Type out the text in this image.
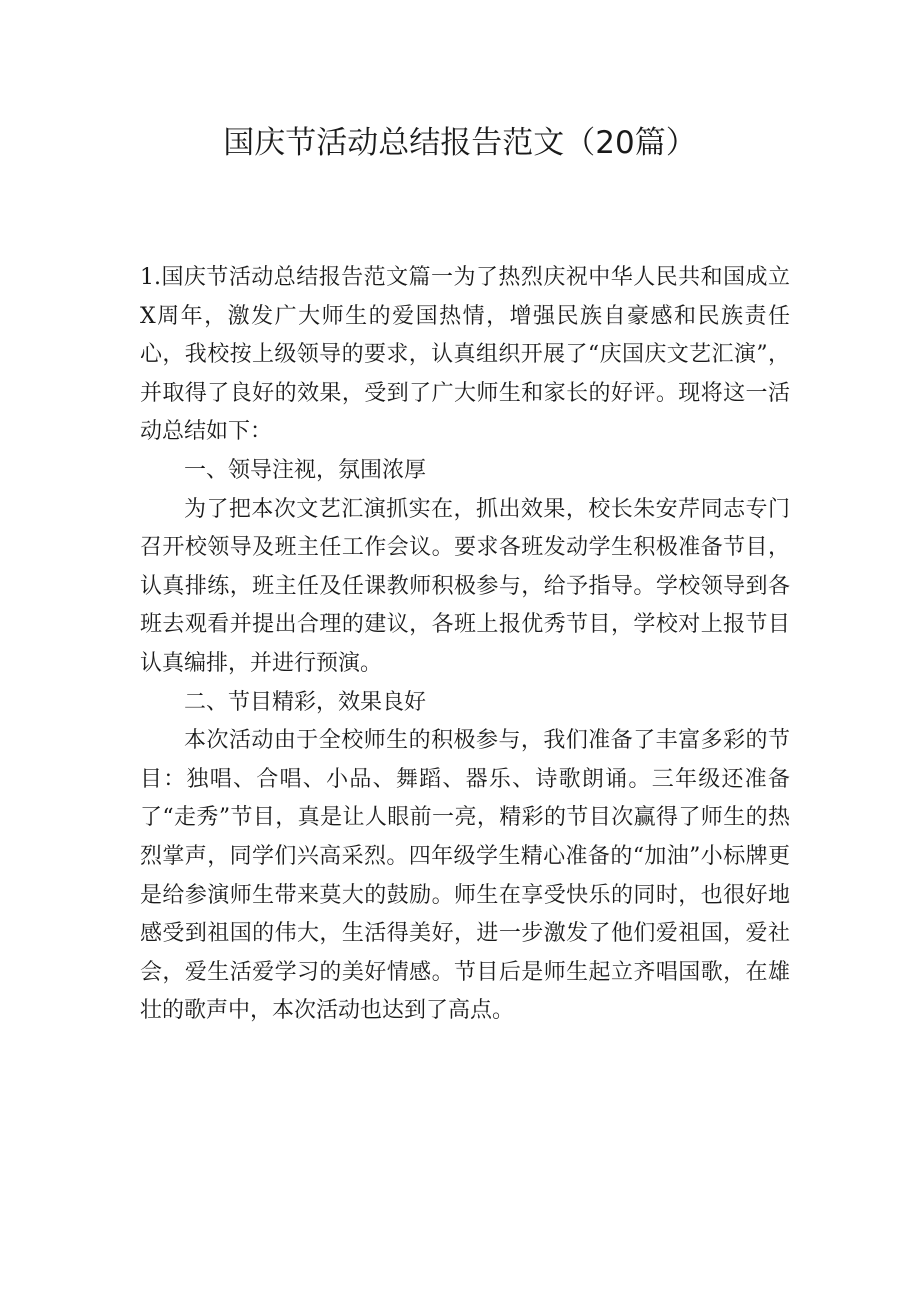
国庆节活动总结报告范文（20篇）

1.国庆节活动总结报告范文篇一为了热烈庆祝中华人民共和国成立X周年，激发广大师生的爱国热情，增强民族自豪感和民族责任心，我校按上级领导的要求，认真组织开展了“庆国庆文艺汇演”，并取得了良好的效果，受到了广大师生和家长的好评。现将这一活动总结如下：

一、领导注视，氛围浓厚

为了把本次文艺汇演抓实在，抓出效果，校长朱安芹同志专门召开校领导及班主任工作会议。要求各班发动学生积极准备节目，认真排练，班主任及任课教师积极参与，给予指导。学校领导到各班去观看并提出合理的建议，各班上报优秀节目，学校对上报节目认真编排，并进行预演。

二、节目精彩，效果良好

本次活动由于全校师生的积极参与，我们准备了丰富多彩的节目：独唱、合唱、小品、舞蹈、器乐、诗歌朗诵。三年级还准备了“走秀”节目，真是让人眼前一亮，精彩的节目次赢得了师生的热烈掌声，同学们兴高采烈。四年级学生精心准备的“加油”小标牌更是给参演师生带来莫大的鼓励。师生在享受快乐的同时，也很好地感受到祖国的伟大，生活得美好，进一步激发了他们爱祖国，爱社会，爱生活爱学习的美好情感。节目后是师生起立齐唱国歌，在雄壮的歌声中，本次活动也达到了高点。
